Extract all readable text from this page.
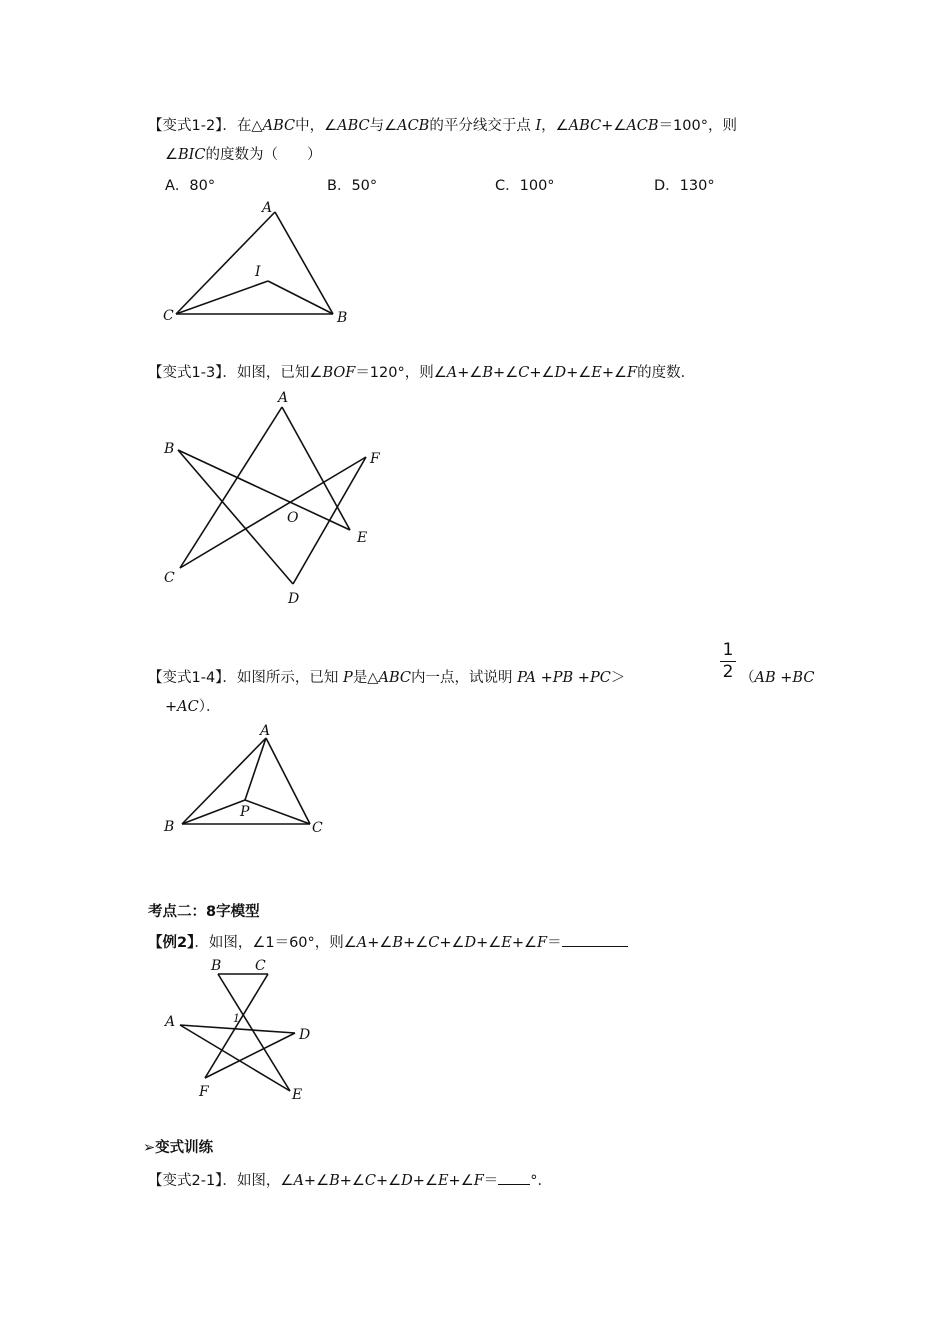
【变式1-2】．在△ABC中，∠ABC与∠ACB的平分线交于点 I，∠ABC+∠ACB＝100°，则
∠BIC的度数为（　　）
A．80°	B．50°	C．100°	D．130°
A
I
C	B
【变式1-3】．如图，已知∠BOF＝120°，则∠A+∠B+∠C+∠D+∠E+∠F的度数．
A
B
F
O
E
C
D
【变式1-4】．如图所示，已知 P是△ABC内一点，试说明 PA +PB +PC＞
1
2 （AB +BC
+AC）．
A
P
B	C
考点二：8字模型
【例2】．如图，∠1＝60°，则∠A+∠B+∠C+∠D+∠E+∠F＝
B C
1
A
D
F	E
➢变式训练
【变式2-1】．如图，∠A+∠B+∠C+∠D+∠E+∠F＝ °．
